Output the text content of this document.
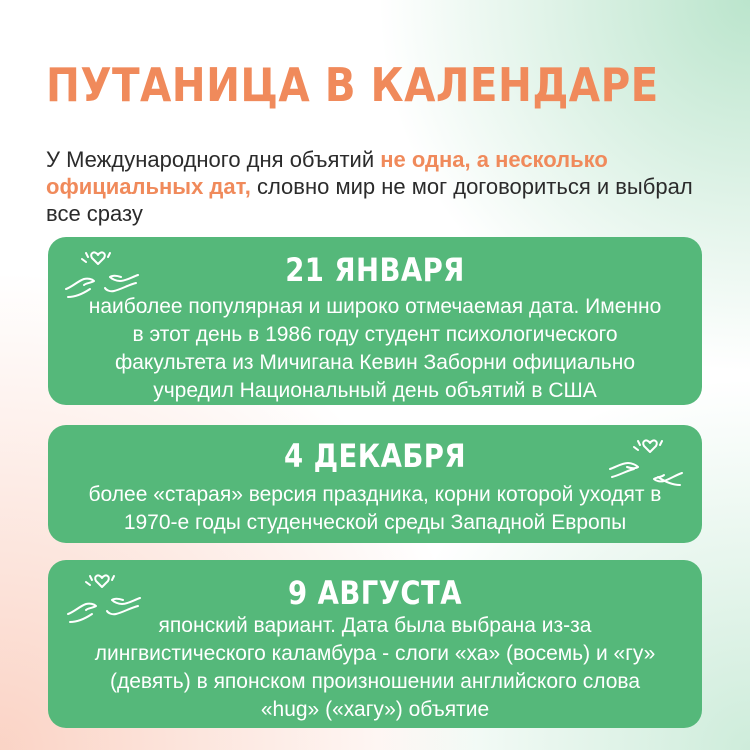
ПУТАНИЦА В КАЛЕНДАРЕ

У Международного дня объятий не одна, а несколько официальных дат, словно мир не мог договориться и выбрал все сразу

21 ЯНВАРЯ

наиболее популярная и широко отмечаемая дата. Именно в этот день в 1986 году студент психологического факультета из Мичигана Кевин Заборни официально учредил Национальный день объятий в США

4 ДЕКАБРЯ

более «старая» версия праздника, корни которой уходят в 1970-е годы студенческой среды Западной Европы

9 АВГУСТА

японский вариант. Дата была выбрана из-за лингвистического каламбура - слоги «ха» (восемь) и «гу» (девять) в японском произношении английского слова «hug» («хагу») объятие
